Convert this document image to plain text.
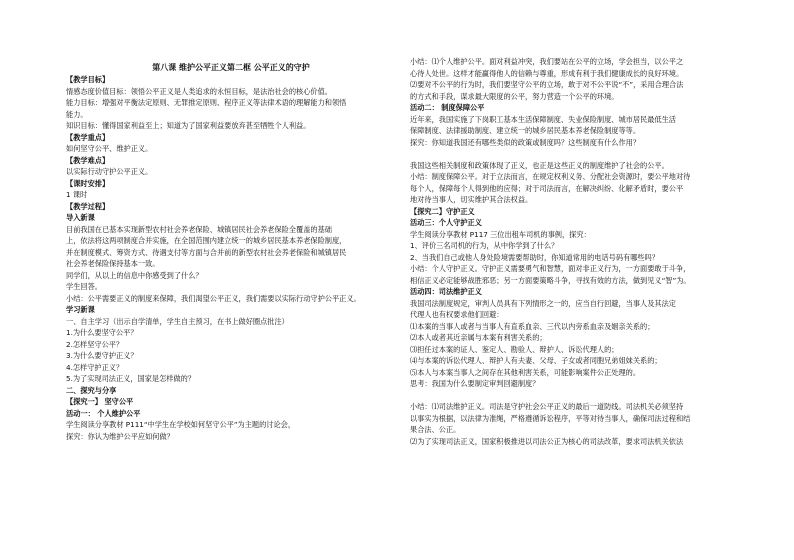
第八课 维护公平正义第二框 公平正义的守护
【教学目标】
情感态度价值目标：领悟公平正义是人类追求的永恒目标，是法治社会的核心价值。
能力目标：增强对平衡法定原则、无罪推定原则、程序正义等法律术语的理解能力和领悟
能力。
知识目标：懂得国家利益至上；知道为了国家利益要放弃甚至牺牲个人利益。
【教学重点】
如何坚守公平、维护正义。
【教学难点】
以实际行动守护公平正义。
【课时安排】
1 课时
【教学过程】
导入新课
目前我国在已基本实现新型农村社会养老保险、城镇居民社会养老保险全覆盖的基础
上，依法将这两项制度合并实施，在全国范围内建立统一的城乡居民基本养老保险制度，
并在制度模式、筹资方式、待遇支付等方面与合并前的新型农村社会养老保险和城镇居民
社会养老保险保持基本一致。
同学们，从以上的信息中你感受到了什么？
学生回答。
小结：公平需要正义的制度来保障，我们渴望公平正义，我们需要以实际行动守护公平正义。
学习新课
一、自主学习（出示自学清单，学生自主预习，在书上做好圈点批注）
1.为什么要坚守公平？
2.怎样坚守公平？
3.为什么要守护正义？
4.怎样守护正义？
5.为了实现司法正义，国家是怎样做的？
二、探究与分享
【探究一】 坚守公平
活动一： 个人维护公平
学生阅读分享教材 P111“中学生在学校如何坚守公平”为主题的讨论会，
探究：你认为维护公平应如何做？
小结：⑴个人维护公平。面对利益冲突，我们要站在公平的立场，学会担当，以公平之
心待人处世。这样才能赢得他人的信赖与尊重，形成有利于我们健康成长的良好环境。
⑵要对不公平的行为时，我们要坚守公平的立场，敢于对不公平说“不”，采用合理合法
的方式和手段，谋求最大限度的公平，努力营造一个公平的环境。
活动二： 制度保障公平
近年来，我国实施了下岗职工基本生活保障制度、失业保险制度、城市居民最低生活
保障制度、法律援助制度、建立统一的城乡居民基本养老保险制度等等。
探究：你知道我国还有哪些类似的政策或制度吗？这些制度有什么作用？

我国这些相关制度和政策体现了正义，也正是这些正义的制度维护了社会的公平。
小结：制度保障公平。对于立法而言，在规定权利义务、分配社会资源时，要公平地对待
每个人，保障每个人得到他的应得；对于司法而言，在解决纠纷、化解矛盾时，要公平
地对待当事人，切实维护其合法权益。
【探究二】守护正义
活动三：个人守护正义
学生阅读分享教材 P117 三位出租车司机的事例，探究：
1、评价三名司机的行为，从中你学到了什么？
2、当我们自己或他人身处险境需要帮助时，你知道常用的电话号码有哪些吗？
小结：个人守护正义。守护正义需要勇气和智慧，面对非正义行为，一方面要敢于斗争，
相信正义必定能够战胜邪恶；另一方面要策略斗争，寻找有效的方法，做到见义“智”为。
活动四：司法维护正义
我国司法制度规定，审判人员具有下列情形之一的，应当自行回避，当事人及其法定
代理人也有权要求他们回避：
⑴本案的当事人或者与当事人有直系血亲、三代以内旁系血亲及姻亲关系的；
⑵本人或者其近亲属与本案有利害关系的；
⑶担任过本案的证人、鉴定人、勘验人、辩护人、诉讼代理人的；
⑷与本案的诉讼代理人、辩护人有夫妻、父母、子女或者同胞兄弟姐妹关系的；
⑸本人与本案当事人之间存在其他利害关系，可能影响案件公正处理的。
思考：我国为什么要制定审判回避制度？

小结：⑴司法维护正义。司法是守护社会公平正义的最后一道防线。司法机关必须坚持
以事实为根据，以法律为准绳，严格遵循诉讼程序，平等对待当事人，确保司法过程和结
果合法、公正。
⑵为了实现司法正义，国家积极推进以司法公正为核心的司法改革，要求司法机关依法
